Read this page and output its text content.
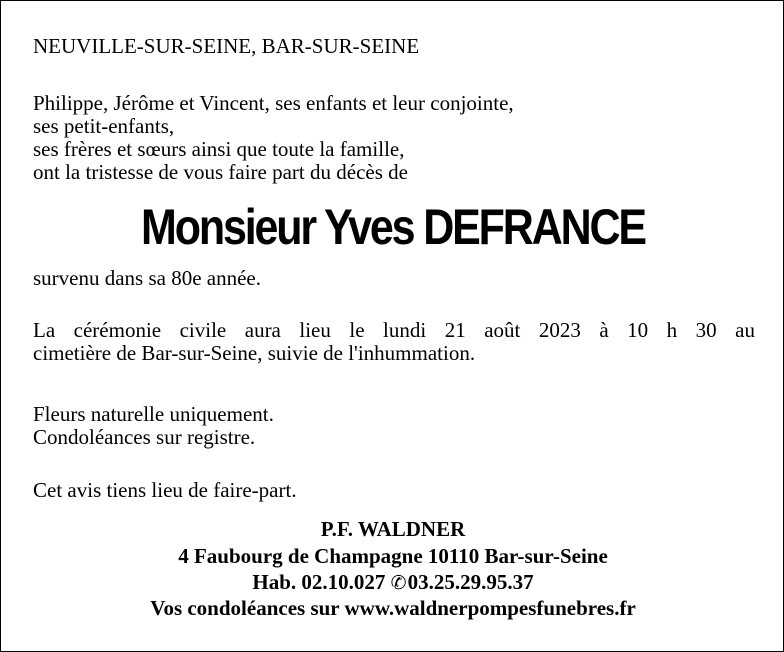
NEUVILLE-SUR-SEINE, BAR-SUR-SEINE

Philippe, Jérôme et Vincent, ses enfants et leur conjointe,

ses petit-enfants,

ses frères et sœurs ainsi que toute la famille,

ont la tristesse de vous faire part du décès de

Monsieur Yves DEFRANCE

survenu dans sa 80e année.

La cérémonie civile aura lieu le lundi 21 août 2023 à 10 h 30 au

cimetière de Bar-sur-Seine, suivie de l'inhummation.

Fleurs naturelle uniquement.

Condoléances sur registre.

Cet avis tiens lieu de faire-part.

P.F. WALDNER

4 Faubourg de Champagne 10110 Bar-sur-Seine

Hab. 02.10.027 ✆03.25.29.95.37

Vos condoléances sur www.waldnerpompesfunebres.fr
